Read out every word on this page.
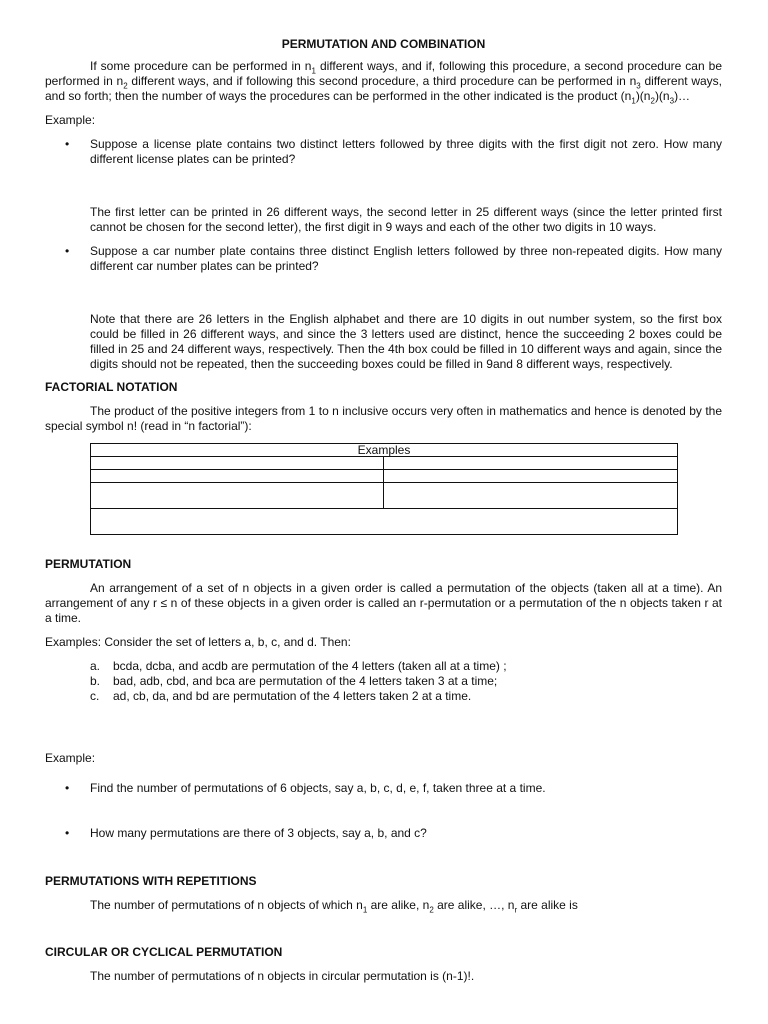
PERMUTATION AND COMBINATION

If some procedure can be performed in $n_1$ different ways, and if, following this procedure, a second procedure can be performed in $n_2$ different ways, and if following this second procedure, a third procedure can be performed in $n_3$ different ways, and so forth; then the number of ways the procedures can be performed in the other indicated is the product $(n_1)(n_2)(n_3)\dots$

Example:

• Suppose a license plate contains two distinct letters followed by three digits with the first digit not zero. How many different license plates can be printed?

The first letter can be printed in 26 different ways, the second letter in 25 different ways (since the letter printed first cannot be chosen for the second letter), the first digit in 9 ways and each of the other two digits in 10 ways.

• Suppose a car number plate contains three distinct English letters followed by three non-repeated digits. How many different car number plates can be printed?

Note that there are 26 letters in the English alphabet and there are 10 digits in out number system, so the first box could be filled in 26 different ways, and since the 3 letters used are distinct, hence the succeeding 2 boxes could be filled in 25 and 24 different ways, respectively. Then the 4th box could be filled in 10 different ways and again, since the digits should not be repeated, then the succeeding boxes could be filled in 9and 8 different ways, respectively.

FACTORIAL NOTATION

The product of the positive integers from 1 to n inclusive occurs very often in mathematics and hence is denoted by the special symbol n! (read in “n factorial”):

Examples	

PERMUTATION

An arrangement of a set of n objects in a given order is called a permutation of the objects (taken all at a time). An arrangement of any r ≤ n of these objects in a given order is called an r-permutation or a permutation of the n objects taken r at a time.

Examples: Consider the set of letters a, b, c, and d. Then:

a. bcda, dcba, and acdb are permutation of the 4 letters (taken all at a time) ;
b. bad, adb, cbd, and bca are permutation of the 4 letters taken 3 at a time;
c. ad, cb, da, and bd are permutation of the 4 letters taken 2 at a time.

Example:

• Find the number of permutations of 6 objects, say a, b, c, d, e, f, taken three at a time.
• How many permutations are there of 3 objects, say a, b, and c?

PERMUTATIONS WITH REPETITIONS

The number of permutations of n objects of which $n_1$ are alike, $n_2$ are alike, …, $n_r$ are alike is

CIRCULAR OR CYCLICAL PERMUTATION

The number of permutations of n objects in circular permutation is (n-1)!.
